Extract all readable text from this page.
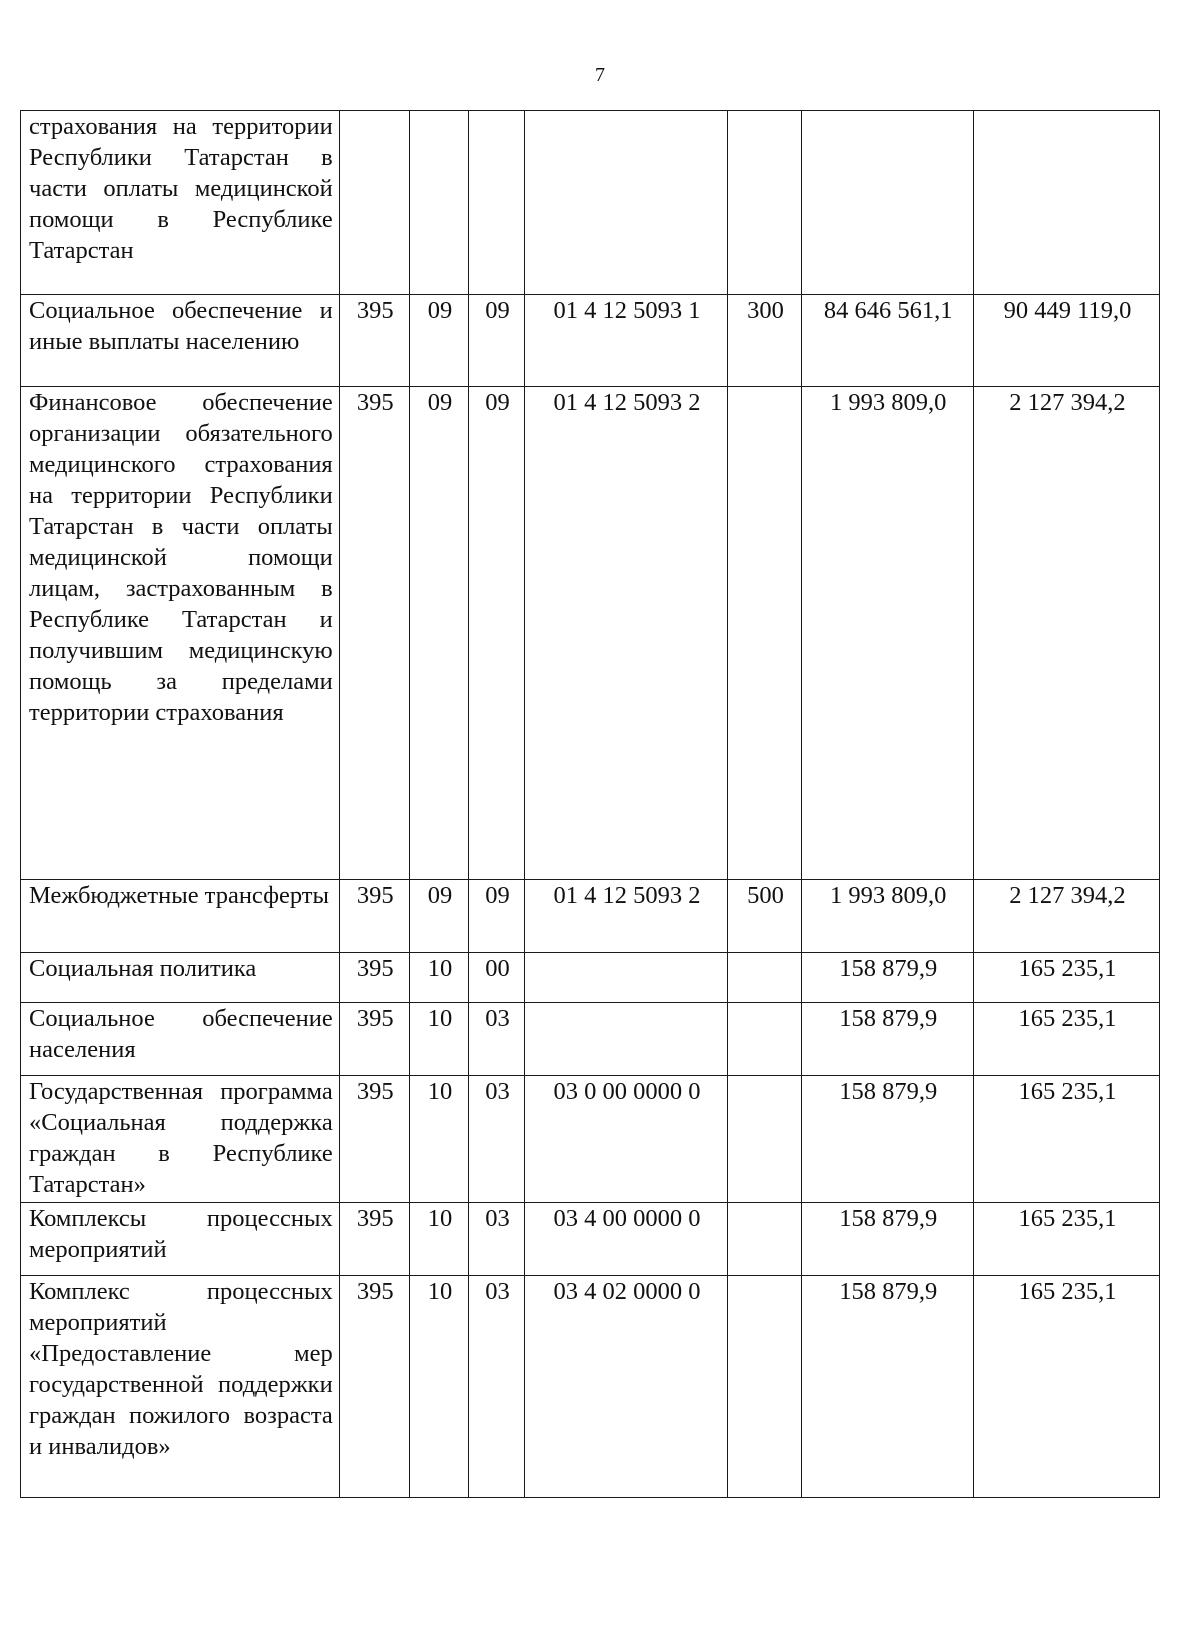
7
страхования на территории Республики Татарстан в части оплаты медицинской помощи в Республике Татарстан							
Социальное обеспечение и иные выплаты населению	395	09	09	01 4 12 5093 1	300	84 646 561,1	90 449 119,0
Финансовое обеспечение организации обязательного медицинского страхования на территории Республики Татарстан в части оплаты медицинской помощи лицам, застрахованным в Республике Татарстан и получившим медицинскую помощь за пределами территории страхования	395	09	09	01 4 12 5093 2		1 993 809,0	2 127 394,2
Межбюджетные трансферты	395	09	09	01 4 12 5093 2	500	1 993 809,0	2 127 394,2
Социальная политика	395	10	00			158 879,9	165 235,1
Социальное обеспечение населения	395	10	03			158 879,9	165 235,1
Государственная программа «Социальная поддержка граждан в Республике Татарстан»	395	10	03	03 0 00 0000 0		158 879,9	165 235,1
Комплексы процессных мероприятий	395	10	03	03 4 00 0000 0		158 879,9	165 235,1
Комплекс процессных мероприятий «Предоставление мер государственной поддержки граждан пожилого возраста и инвалидов»	395	10	03	03 4 02 0000 0		158 879,9	165 235,1
